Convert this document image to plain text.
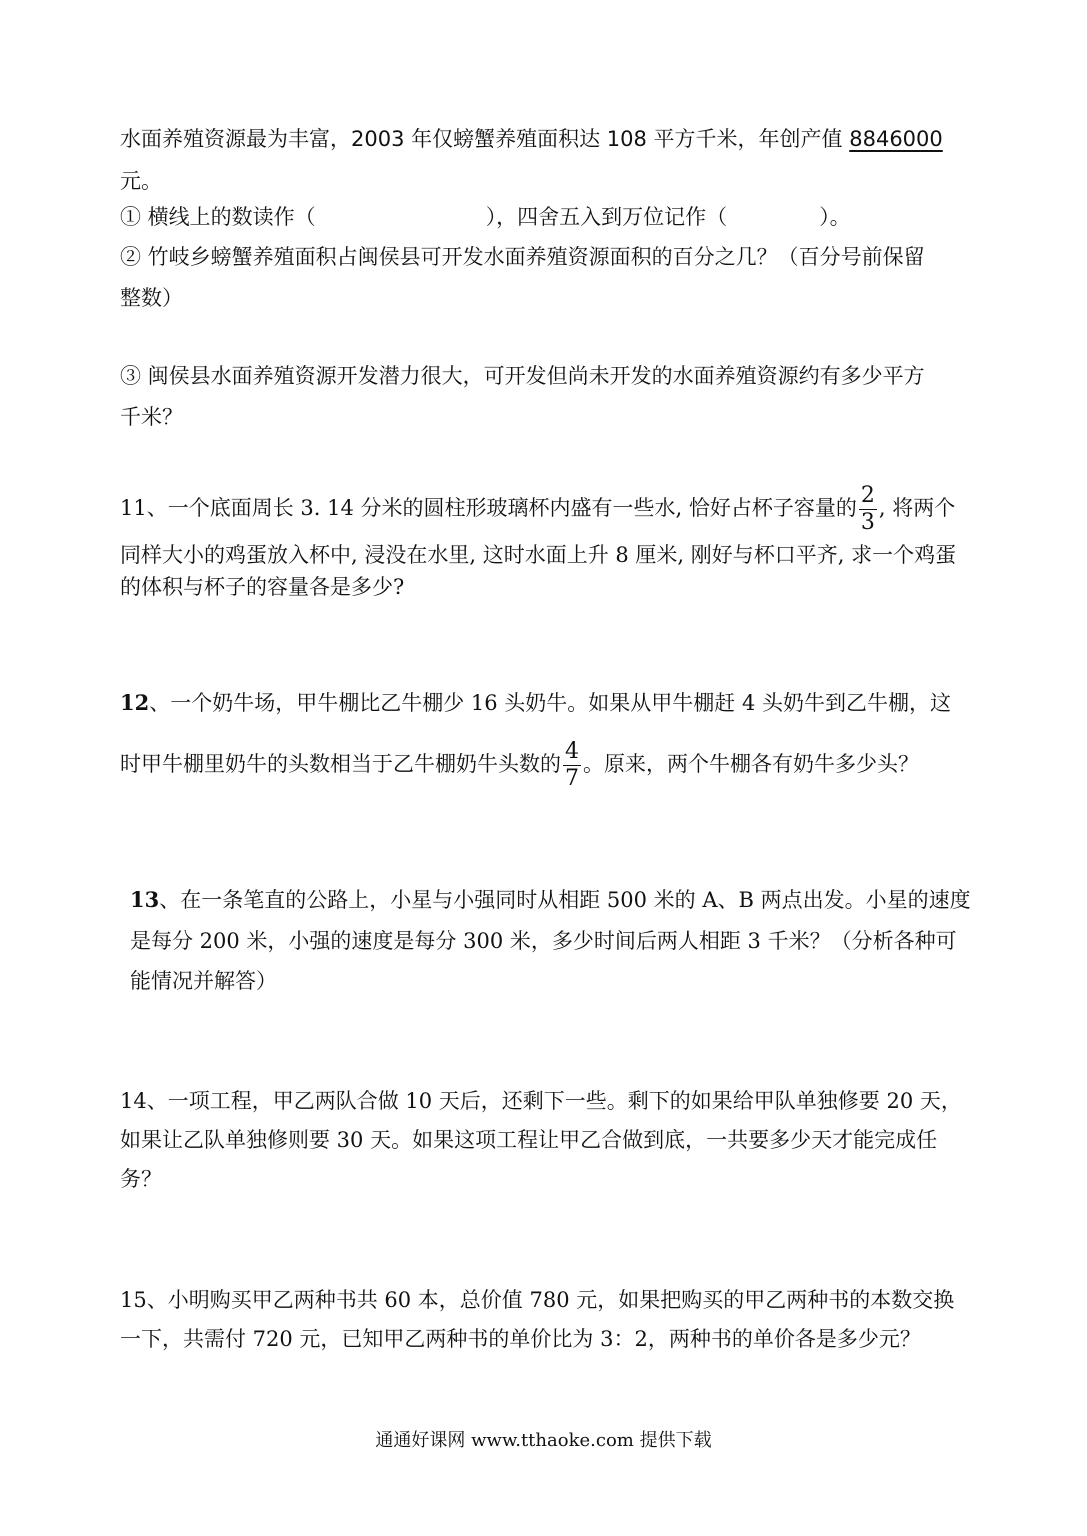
水面养殖资源最为丰富，2003 年仅螃蟹养殖面积达 108 平方千米，年创产值 8846000
元。
① 横线上的数读作（	），四舍五入到万位记作（	）。
② 竹岐乡螃蟹养殖面积占闽侯县可开发水面养殖资源面积的百分之几？（百分号前保留
整数）
③ 闽侯县水面养殖资源开发潜力很大，可开发但尚未开发的水面养殖资源约有多少平方
千米？
11、一个底面周长 3. 14 分米的圆柱形玻璃杯内盛有一些水, 恰好占杯子容量的 $\frac{2}{3}$ , 将两个
同样大小的鸡蛋放入杯中, 浸没在水里, 这时水面上升 8 厘米, 刚好与杯口平齐, 求一个鸡蛋
的体积与杯子的容量各是多少?
12、一个奶牛场，甲牛棚比乙牛棚少 16 头奶牛。如果从甲牛棚赶 4 头奶牛到乙牛棚，这
时甲牛棚里奶牛的头数相当于乙牛棚奶牛头数的 $\frac{4}{7}$ 。原来，两个牛棚各有奶牛多少头？
13、在一条笔直的公路上，小星与小强同时从相距 500 米的 A、B 两点出发。小星的速度
是每分 200 米，小强的速度是每分 300 米，多少时间后两人相距 3 千米？（分析各种可
能情况并解答）
14、一项工程，甲乙两队合做 10 天后，还剩下一些。剩下的如果给甲队单独修要 20 天，
如果让乙队单独修则要 30 天。如果这项工程让甲乙合做到底，一共要多少天才能完成任
务？
15、小明购买甲乙两种书共 60 本，总价值 780 元，如果把购买的甲乙两种书的本数交换
一下，共需付 720 元，已知甲乙两种书的单价比为 3：2，两种书的单价各是多少元？
通通好课网 www.tthaoke.com 提供下载
